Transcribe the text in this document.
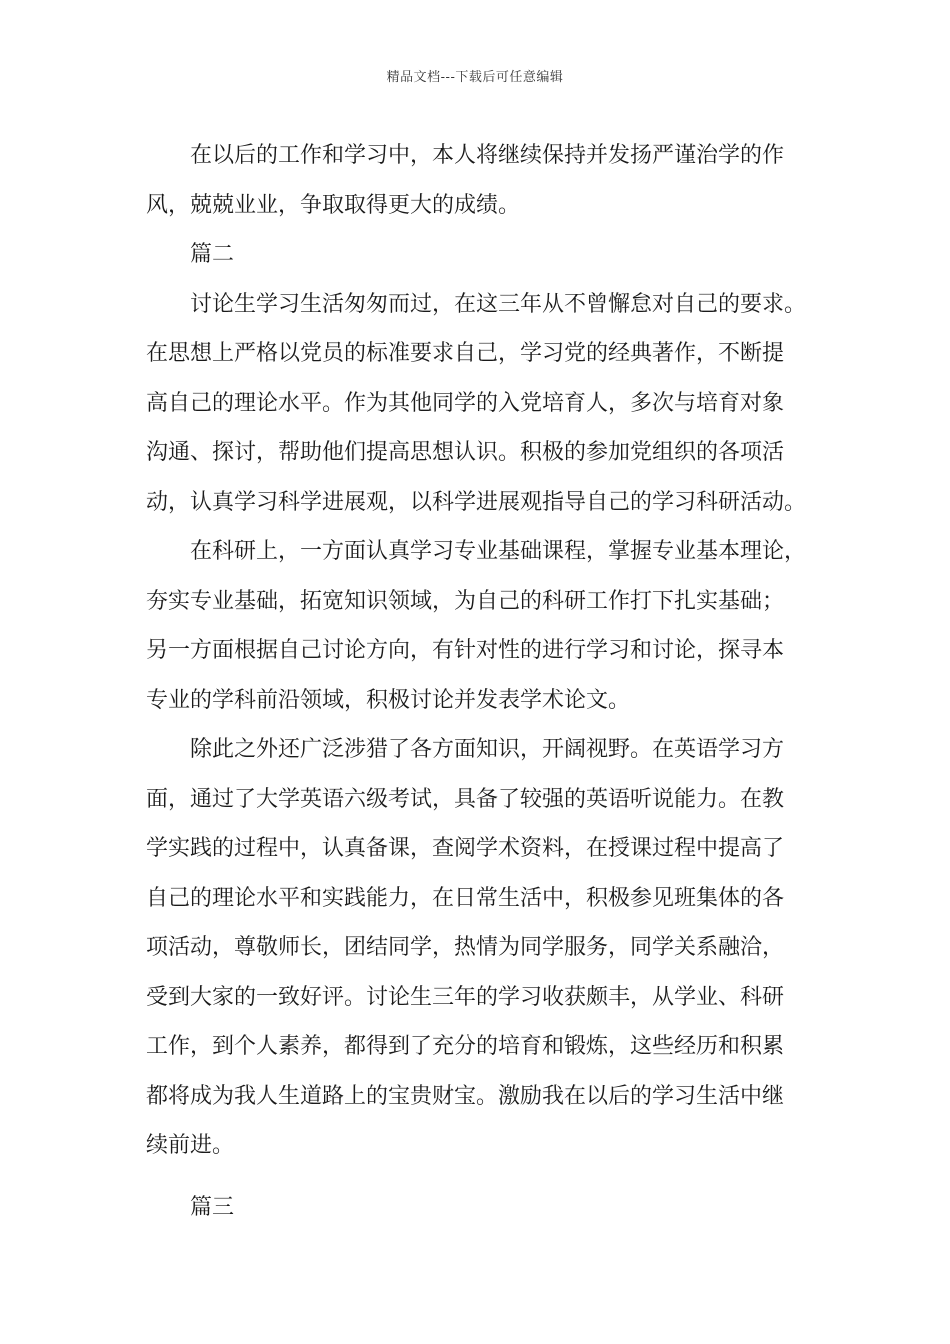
精品文档---下载后可任意编辑
在以后的工作和学习中，本人将继续保持并发扬严谨治学的作
风，兢兢业业，争取取得更大的成绩。
篇二
讨论生学习生活匆匆而过，在这三年从不曾懈怠对自己的要求。
在思想上严格以党员的标准要求自己，学习党的经典著作，不断提
高自己的理论水平。作为其他同学的入党培育人，多次与培育对象
沟通、探讨，帮助他们提高思想认识。积极的参加党组织的各项活
动，认真学习科学进展观，以科学进展观指导自己的学习科研活动。
在科研上，一方面认真学习专业基础课程，掌握专业基本理论，
夯实专业基础，拓宽知识领域，为自己的科研工作打下扎实基础；
另一方面根据自己讨论方向，有针对性的进行学习和讨论，探寻本
专业的学科前沿领域，积极讨论并发表学术论文。
除此之外还广泛涉猎了各方面知识，开阔视野。在英语学习方
面，通过了大学英语六级考试，具备了较强的英语听说能力。在教
学实践的过程中，认真备课，查阅学术资料，在授课过程中提高了
自己的理论水平和实践能力，在日常生活中，积极参见班集体的各
项活动，尊敬师长，团结同学，热情为同学服务，同学关系融洽，
受到大家的一致好评。讨论生三年的学习收获颇丰，从学业、科研
工作，到个人素养，都得到了充分的培育和锻炼，这些经历和积累
都将成为我人生道路上的宝贵财宝。激励我在以后的学习生活中继
续前进。
篇三
